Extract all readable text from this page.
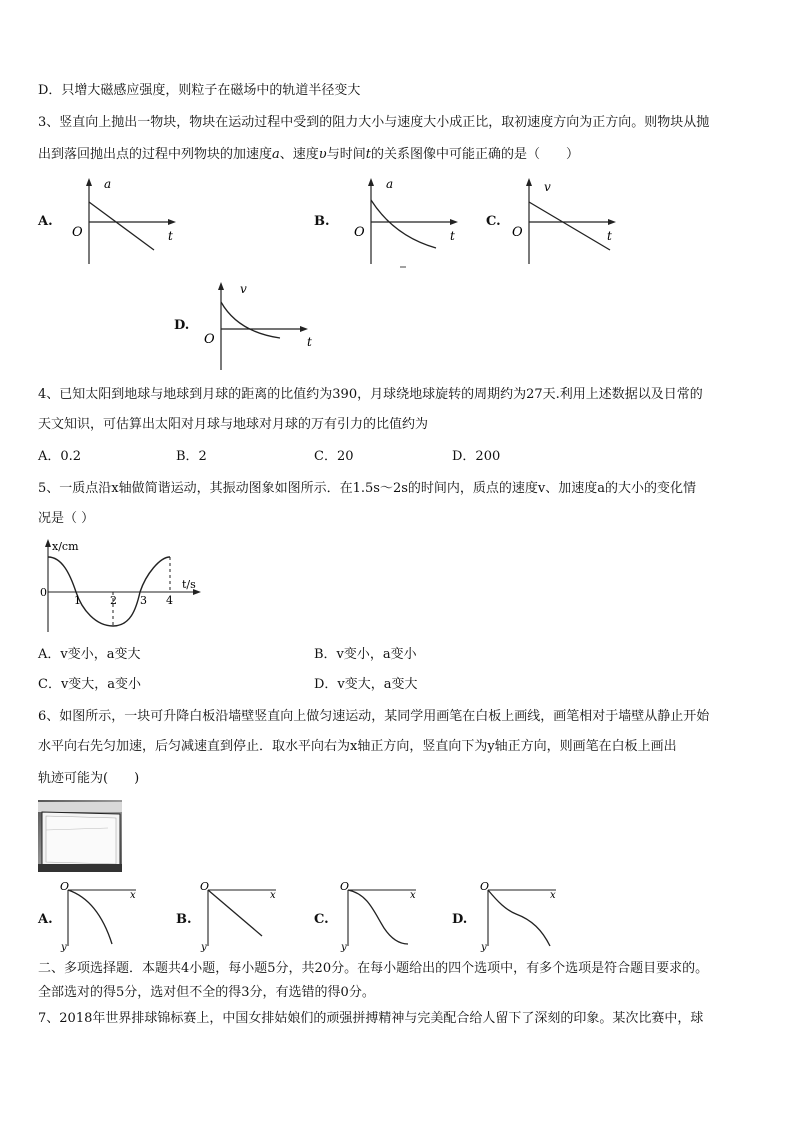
D．只增大磁感应强度，则粒子在磁场中的轨道半径变大
3、竖直向上抛出一物块，物块在运动过程中受到的阻力大小与速度大小成正比，取初速度方向为正方向。则物块从抛
出到落回抛出点的过程中列物块的加速度a、速度υ与时间t的关系图像中可能正确的是（　　）
A.
a
O	t
B.
a
O	t
C.
v
O	t
D.
v
O	t
4、已知太阳到地球与地球到月球的距离的比值约为390，月球绕地球旋转的周期约为27天.利用上述数据以及日常的
天文知识，可估算出太阳对月球与地球对月球的万有引力的比值约为
A．0.2	B．2	C．20	D．200
5、一质点沿x轴做简谐运动，其振动图象如图所示．在1.5s～2s的时间内，质点的速度v、加速度a的大小的变化情
况是（ ）
x/cm
t/s
0
1	2 3 4
A．v变小，a变大	B．v变小，a变小
C．v变大，a变小	D．v变大，a变大
6、如图所示，一块可升降白板沿墙壁竖直向上做匀速运动，某同学用画笔在白板上画线，画笔相对于墙壁从静止开始
水平向右先匀加速，后匀减速直到停止．取水平向右为x轴正方向，竖直向下为y轴正方向，则画笔在白板上画出
轨迹可能为(　　)
A.
O
x
y
B.
O
x
y
C.
O
x
y
D.
O
x
y
二、多项选择题．本题共4小题，每小题5分，共20分。在每小题给出的四个选项中，有多个选项是符合题目要求的。
全部选对的得5分，选对但不全的得3分，有选错的得0分。
7、2018年世界排球锦标赛上，中国女排姑娘们的顽强拼搏精神与完美配合给人留下了深刻的印象。某次比赛中，球
